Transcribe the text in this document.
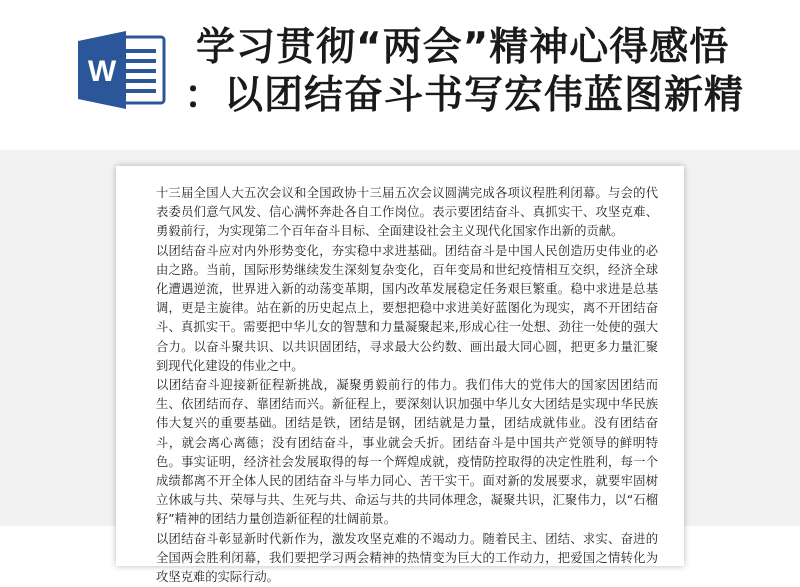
W
学习贯彻“两会”精神心得感悟
：以团结奋斗书写宏伟蓝图新精

十三届全国人大五次会议和全国政协十三届五次会议圆满完成各项议程胜利闭幕。与会的代表委员们意气风发、信心满怀奔赴各自工作岗位。表示要团结奋斗、真抓实干、攻坚克难、勇毅前行，为实现第二个百年奋斗目标、全面建设社会主义现代化国家作出新的贡献。

以团结奋斗应对内外形势变化，夯实稳中求进基础。团结奋斗是中国人民创造历史伟业的必由之路。当前，国际形势继续发生深刻复杂变化，百年变局和世纪疫情相互交织，经济全球化遭遇逆流，世界进入新的动荡变革期，国内改革发展稳定任务艰巨繁重。稳中求进是总基调，更是主旋律。站在新的历史起点上，要想把稳中求进美好蓝图化为现实，离不开团结奋斗、真抓实干。需要把中华儿女的智慧和力量凝聚起来,形成心往一处想、劲往一处使的强大合力。以奋斗聚共识、以共识固团结，寻求最大公约数、画出最大同心圆，把更多力量汇聚到现代化建设的伟业之中。

以团结奋斗迎接新征程新挑战，凝聚勇毅前行的伟力。我们伟大的党伟大的国家因团结而生、依团结而存、靠团结而兴。新征程上，要深刻认识加强中华儿女大团结是实现中华民族伟大复兴的重要基础。团结是铁，团结是钢，团结就是力量，团结成就伟业。没有团结奋斗，就会离心离德；没有团结奋斗，事业就会夭折。团结奋斗是中国共产党领导的鲜明特色。事实证明，经济社会发展取得的每一个辉煌成就，疫情防控取得的决定性胜利，每一个成绩都离不开全体人民的团结奋斗与毕力同心、苦干实干。面对新的发展要求，就要牢固树立休戚与共、荣辱与共、生死与共、命运与共的共同体理念，凝聚共识，汇聚伟力，以“石榴籽”精神的团结力量创造新征程的壮阔前景。

以团结奋斗彰显新时代新作为，激发攻坚克难的不竭动力。随着民主、团结、求实、奋进的全国两会胜利闭幕，我们要把学习两会精神的热情变为巨大的工作动力，把爱国之情转化为攻坚克难的实际行动。
